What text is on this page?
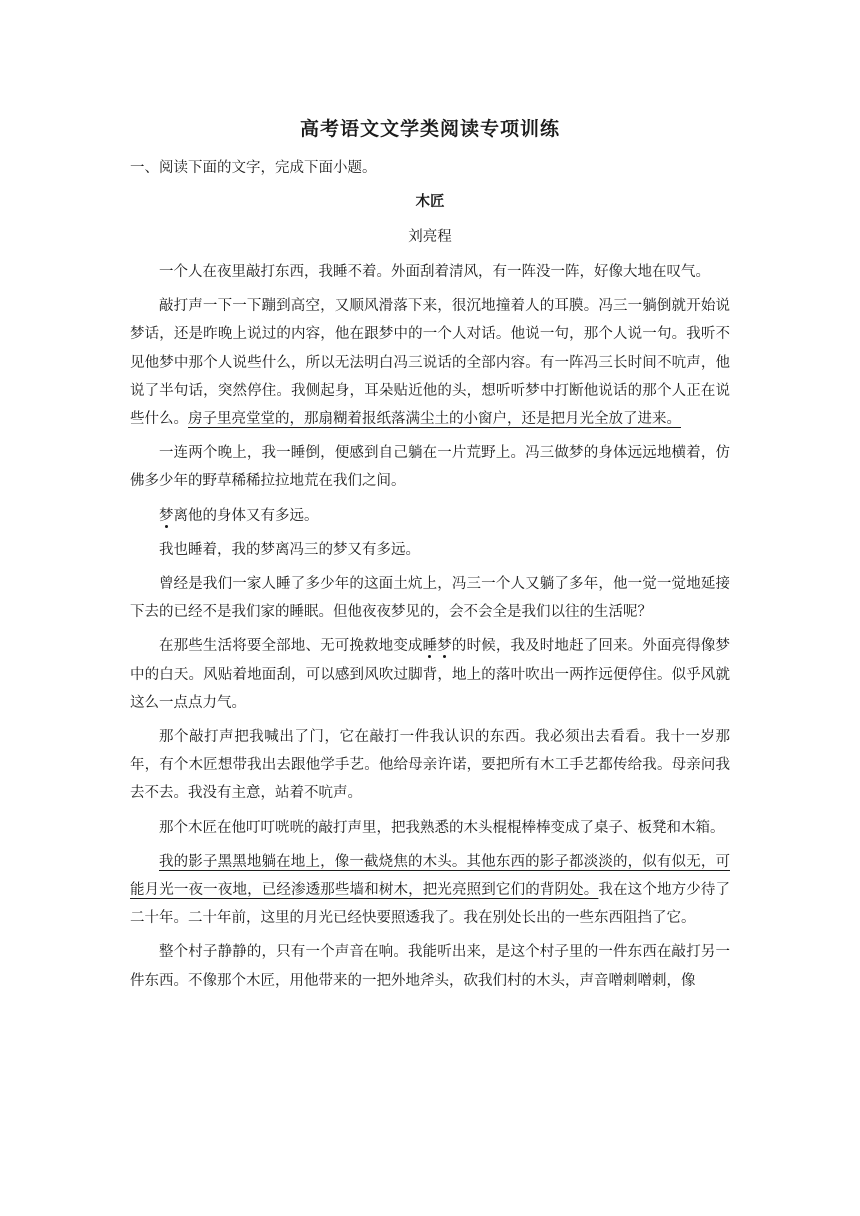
高考语文文学类阅读专项训练
一、阅读下面的文字，完成下面小题。
木匠
刘亮程

一个人在夜里敲打东西，我睡不着。外面刮着清风，有一阵没一阵，好像大地在叹气。

敲打声一下一下蹦到高空，又顺风滑落下来，很沉地撞着人的耳膜。冯三一躺倒就开始说梦话，还是昨晚上说过的内容，他在跟梦中的一个人对话。他说一句，那个人说一句。我听不见他梦中那个人说些什么，所以无法明白冯三说话的全部内容。有一阵冯三长时间不吭声，他说了半句话，突然停住。我侧起身，耳朵贴近他的头，想听听梦中打断他说话的那个人正在说些什么。房子里亮堂堂的，那扇糊着报纸落满尘土的小窗户，还是把月光全放了进来。

一连两个晚上，我一睡倒，便感到自己躺在一片荒野上。冯三做梦的身体远远地横着，仿佛多少年的野草稀稀拉拉地荒在我们之间。

梦离他的身体又有多远。

我也睡着，我的梦离冯三的梦又有多远。

曾经是我们一家人睡了多少年的这面土炕上，冯三一个人又躺了多年，他一觉一觉地延接下去的已经不是我们家的睡眠。但他夜夜梦见的，会不会全是我们以往的生活呢？

在那些生活将要全部地、无可挽救地变成睡梦的时候，我及时地赶了回来。外面亮得像梦中的白天。风贴着地面刮，可以感到风吹过脚背，地上的落叶吹出一两拃远便停住。似乎风就这么一点点力气。

那个敲打声把我喊出了门，它在敲打一件我认识的东西。我必须出去看看。我十一岁那年，有个木匠想带我出去跟他学手艺。他给母亲许诺，要把所有木工手艺都传给我。母亲问我去不去。我没有主意，站着不吭声。

那个木匠在他叮叮咣咣的敲打声里，把我熟悉的木头棍棍棒棒变成了桌子、板凳和木箱。

我的影子黑黑地躺在地上，像一截烧焦的木头。其他东西的影子都淡淡的，似有似无，可能月光一夜一夜地，已经渗透那些墙和树木，把光亮照到它们的背阴处。我在这个地方少待了二十年。二十年前，这里的月光已经快要照透我了。我在别处长出的一些东西阻挡了它。

整个村子静静的，只有一个声音在响。我能听出来，是这个村子里的一件东西在敲打另一件东西。不像那个木匠，用他带来的一把外地斧头，砍我们村的木头，声音噌刺噌刺，像
